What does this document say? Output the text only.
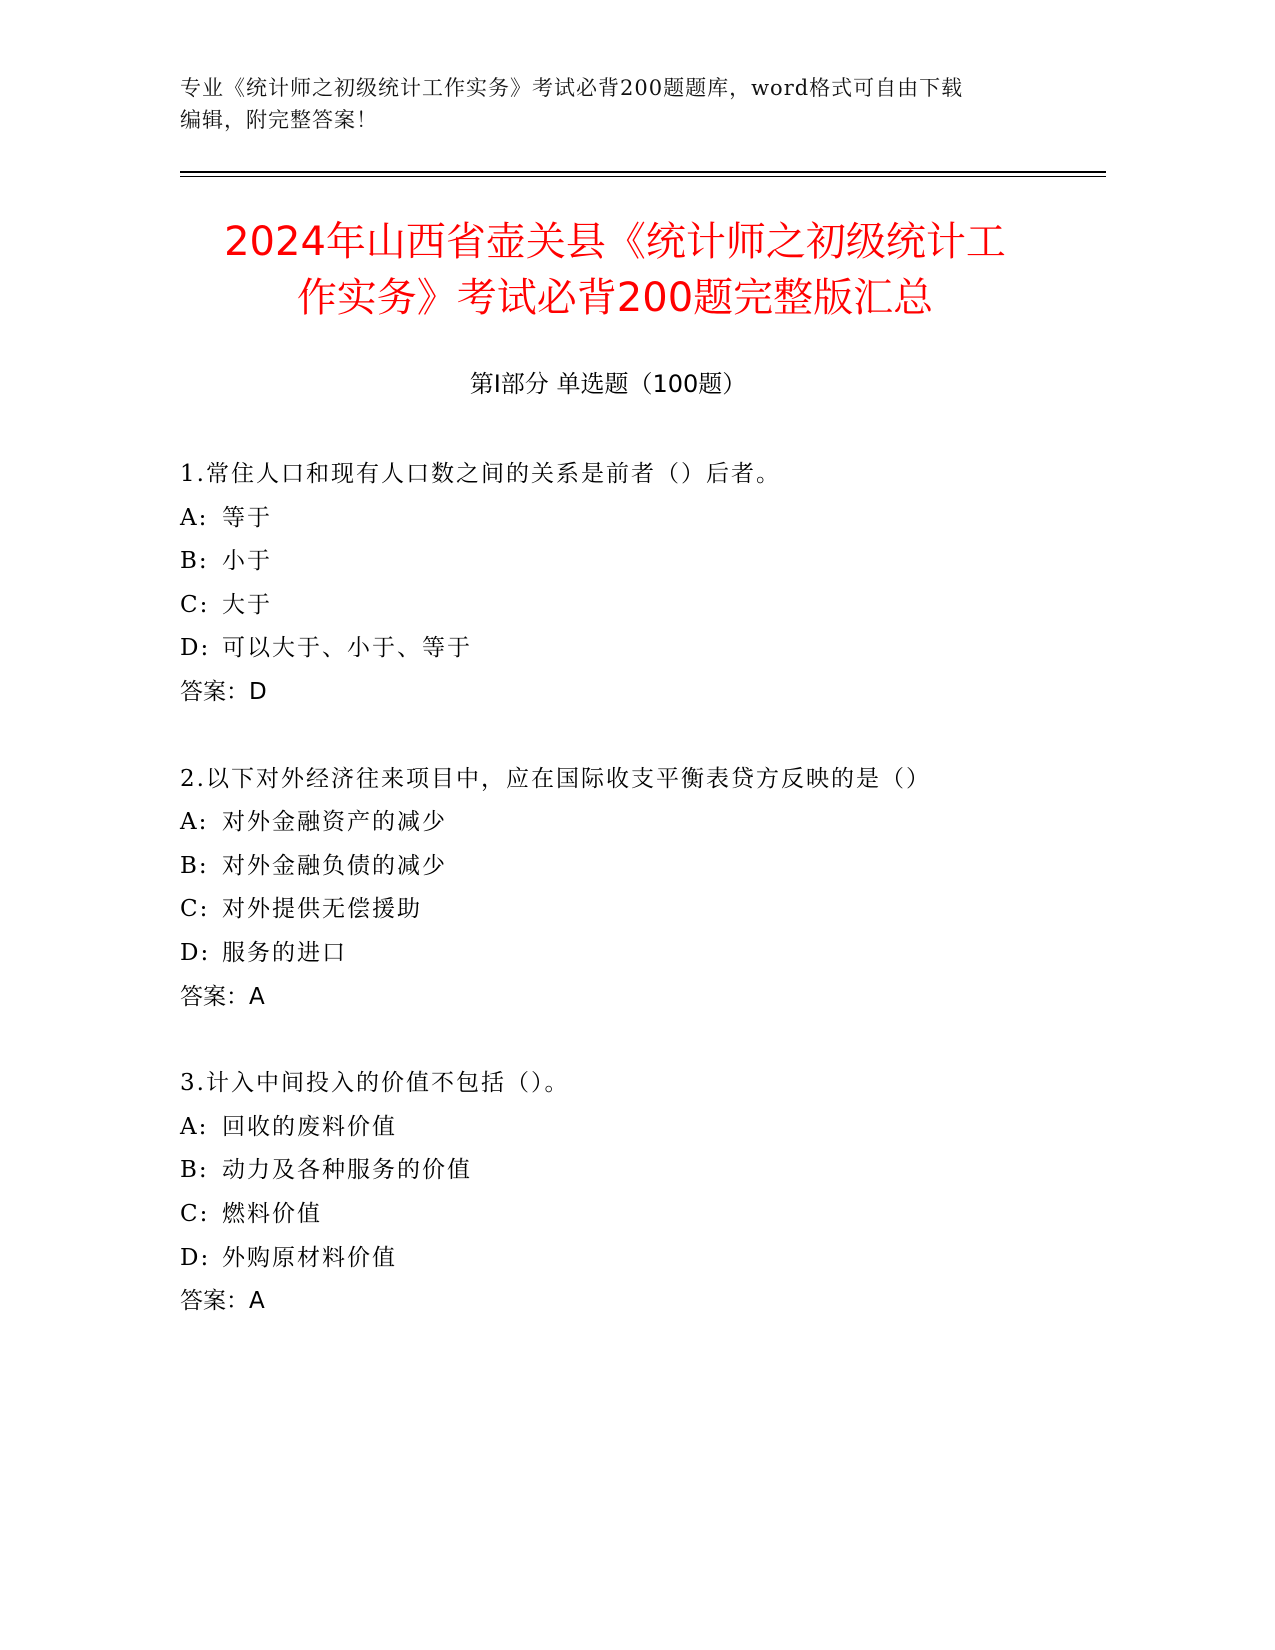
专业《统计师之初级统计工作实务》考试必背200题题库，word格式可自由下载
编辑，附完整答案！
2024年山西省壶关县《统计师之初级统计工
作实务》考试必背200题完整版汇总
第Ⅰ部分 单选题（100题）
1.常住人口和现有人口数之间的关系是前者（）后者。
A: 等于
B: 小于
C: 大于
D: 可以大于、小于、等于
答案：D
2.以下对外经济往来项目中，应在国际收支平衡表贷方反映的是（）
A: 对外金融资产的减少
B: 对外金融负债的减少
C: 对外提供无偿援助
D: 服务的进口
答案：A
3.计入中间投入的价值不包括（）。
A: 回收的废料价值
B: 动力及各种服务的价值
C: 燃料价值
D: 外购原材料价值
答案：A
